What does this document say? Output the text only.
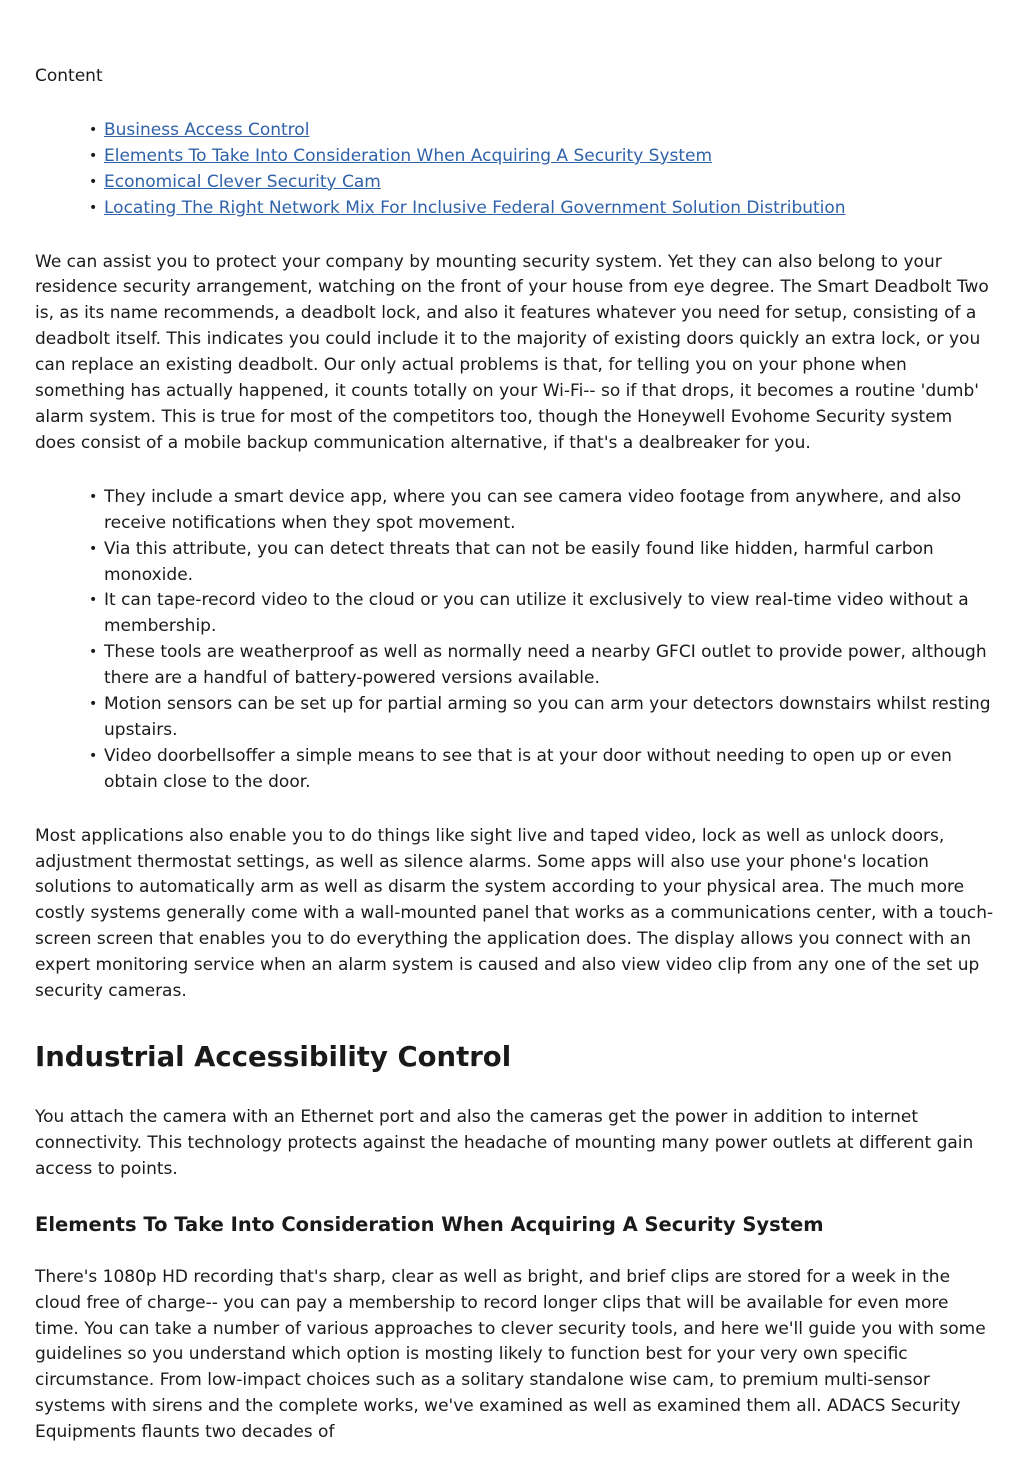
Content
• Business Access Control
• Elements To Take Into Consideration When Acquiring A Security System
• Economical Clever Security Cam
• Locating The Right Network Mix For Inclusive Federal Government Solution Distribution

We can assist you to protect your company by mounting security system. Yet they can also belong to your residence security arrangement, watching on the front of your house from eye degree. The Smart Deadbolt Two is, as its name recommends, a deadbolt lock, and also it features whatever you need for setup, consisting of a deadbolt itself. This indicates you could include it to the majority of existing doors quickly an extra lock, or you can replace an existing deadbolt. Our only actual problems is that, for telling you on your phone when something has actually happened, it counts totally on your Wi-Fi-- so if that drops, it becomes a routine 'dumb' alarm system. This is true for most of the competitors too, though the Honeywell Evohome Security system does consist of a mobile backup communication alternative, if that's a dealbreaker for you.

• They include a smart device app, where you can see camera video footage from anywhere, and also receive notifications when they spot movement.
• Via this attribute, you can detect threats that can not be easily found like hidden, harmful carbon monoxide.
• It can tape-record video to the cloud or you can utilize it exclusively to view real-time video without a membership.
• These tools are weatherproof as well as normally need a nearby GFCI outlet to provide power, although there are a handful of battery-powered versions available.
• Motion sensors can be set up for partial arming so you can arm your detectors downstairs whilst resting upstairs.
• Video doorbellsoffer a simple means to see that is at your door without needing to open up or even obtain close to the door.

Most applications also enable you to do things like sight live and taped video, lock as well as unlock doors, adjustment thermostat settings, as well as silence alarms. Some apps will also use your phone's location solutions to automatically arm as well as disarm the system according to your physical area. The much more costly systems generally come with a wall-mounted panel that works as a communications center, with a touch-screen screen that enables you to do everything the application does. The display allows you connect with an expert monitoring service when an alarm system is caused and also view video clip from any one of the set up security cameras.

Industrial Accessibility Control

You attach the camera with an Ethernet port and also the cameras get the power in addition to internet connectivity. This technology protects against the headache of mounting many power outlets at different gain access to points.

Elements To Take Into Consideration When Acquiring A Security System

There's 1080p HD recording that's sharp, clear as well as bright, and brief clips are stored for a week in the cloud free of charge-- you can pay a membership to record longer clips that will be available for even more time. You can take a number of various approaches to clever security tools, and here we'll guide you with some guidelines so you understand which option is mosting likely to function best for your very own specific circumstance. From low-impact choices such as a solitary standalone wise cam, to premium multi-sensor systems with sirens and the complete works, we've examined as well as examined them all. ADACS Security Equipments flaunts two decades of
